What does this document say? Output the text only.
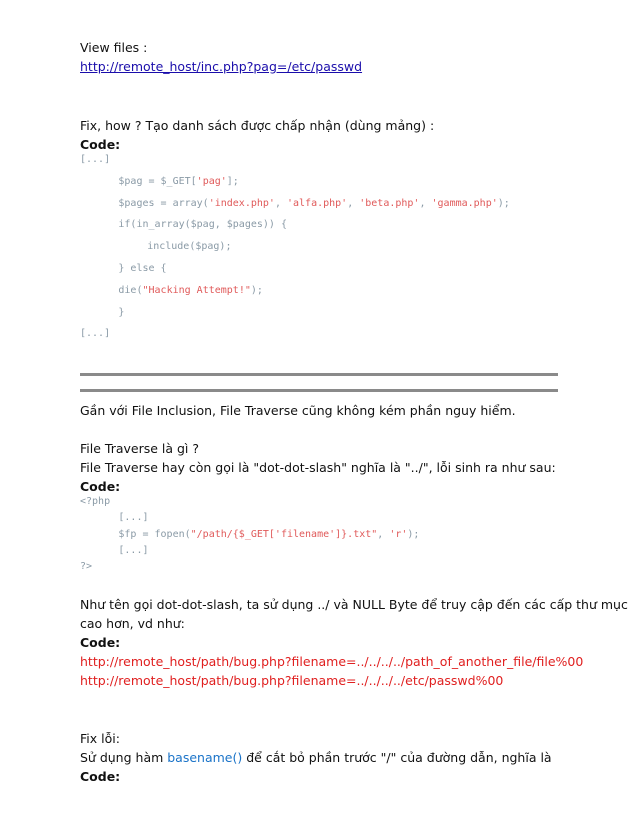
View files :
http://remote_host/inc.php?pag=/etc/passwd
Fix, how ? Tạo danh sách được chấp nhận (dùng mảng) :
Code:
[...]
$pag = $_GET['pag'];
$pages = array('index.php', 'alfa.php', 'beta.php', 'gamma.php');
if(in_array($pag, $pages)) {
include($pag);
} else {
die("Hacking Attempt!");
}
[...]
Gần với File Inclusion, File Traverse cũng không kém phần nguy hiểm.
File Traverse là gì ?
File Traverse hay còn gọi là "dot-dot-slash" nghĩa là "../", lỗi sinh ra như sau:
Code:
<?php
[...]
$fp = fopen("/path/{$_GET['filename']}.txt", 'r');
[...]
?>
Như tên gọi dot-dot-slash, ta sử dụng ../ và NULL Byte để truy cập đến các cấp thư mục
cao hơn, vd như:
Code:
http://remote_host/path/bug.php?filename=../../../../path_of_another_file/file%00
http://remote_host/path/bug.php?filename=../../../../etc/passwd%00
Fix lỗi:
Sử dụng hàm basename() để cắt bỏ phần trước "/" của đường dẫn, nghĩa là
Code:
